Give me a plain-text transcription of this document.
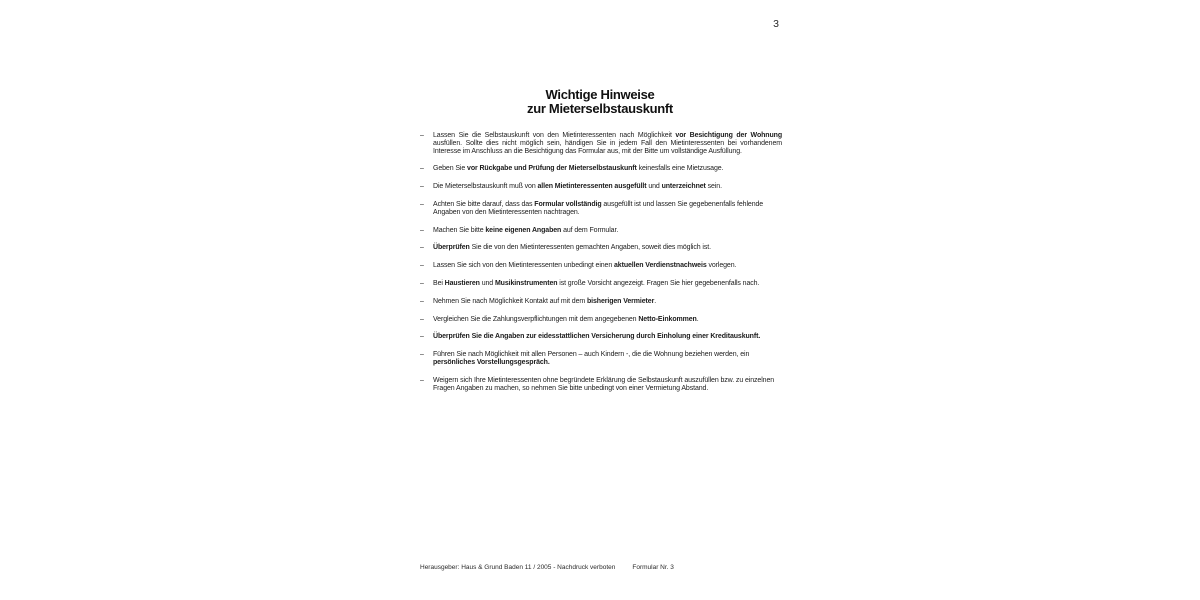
3
Wichtige Hinweise
zur Mieterselbstauskunft
–	Lassen Sie die Selbstauskunft von den Mietinteressenten nach Möglichkeit vor Besichtigung der Wohnung ausfüllen. Sollte dies nicht möglich sein, händigen Sie in jedem Fall den Mietinteressenten bei vorhandenem Interesse im Anschluss an die Besichtigung das Formular aus, mit der Bitte um vollständige Ausfüllung.
–	Geben Sie vor Rückgabe und Prüfung der Mieterselbstauskunft keinesfalls eine Mietzusage.
–	Die Mieterselbstauskunft muß von allen Mietinteressenten ausgefüllt und unterzeichnet sein.
–	Achten Sie bitte darauf, dass das Formular vollständig ausgefüllt ist und lassen Sie gegebenenfalls fehlende Angaben von den Mietinteressenten nachtragen.
–	Machen Sie bitte keine eigenen Angaben auf dem Formular.
–	Überprüfen Sie die von den Mietinteressenten gemachten Angaben, soweit dies möglich ist.
–	Lassen Sie sich von den Mietinteressenten unbedingt einen aktuellen Verdienstnachweis vorlegen.
–	Bei Haustieren und Musikinstrumenten ist große Vorsicht angezeigt. Fragen Sie hier gegebenenfalls nach.
–	Nehmen Sie nach Möglichkeit Kontakt auf mit dem bisherigen Vermieter.
–	Vergleichen Sie die Zahlungsverpflichtungen mit dem angegebenen Netto-Einkommen.
–	Überprüfen Sie die Angaben zur eidesstattlichen Versicherung durch Einholung einer Kreditauskunft.
–	Führen Sie nach Möglichkeit mit allen Personen – auch Kindern -, die die Wohnung beziehen werden, ein persönliches Vorstellungsgespräch.
–	Weigern sich Ihre Mietinteressenten ohne begründete Erklärung die Selbstauskunft auszufüllen bzw. zu einzelnen Fragen Angaben zu machen, so nehmen Sie bitte unbedingt von einer Vermietung Abstand.
Herausgeber: Haus & Grund Baden 11 / 2005 - Nachdruck verboten	Formular Nr. 3
